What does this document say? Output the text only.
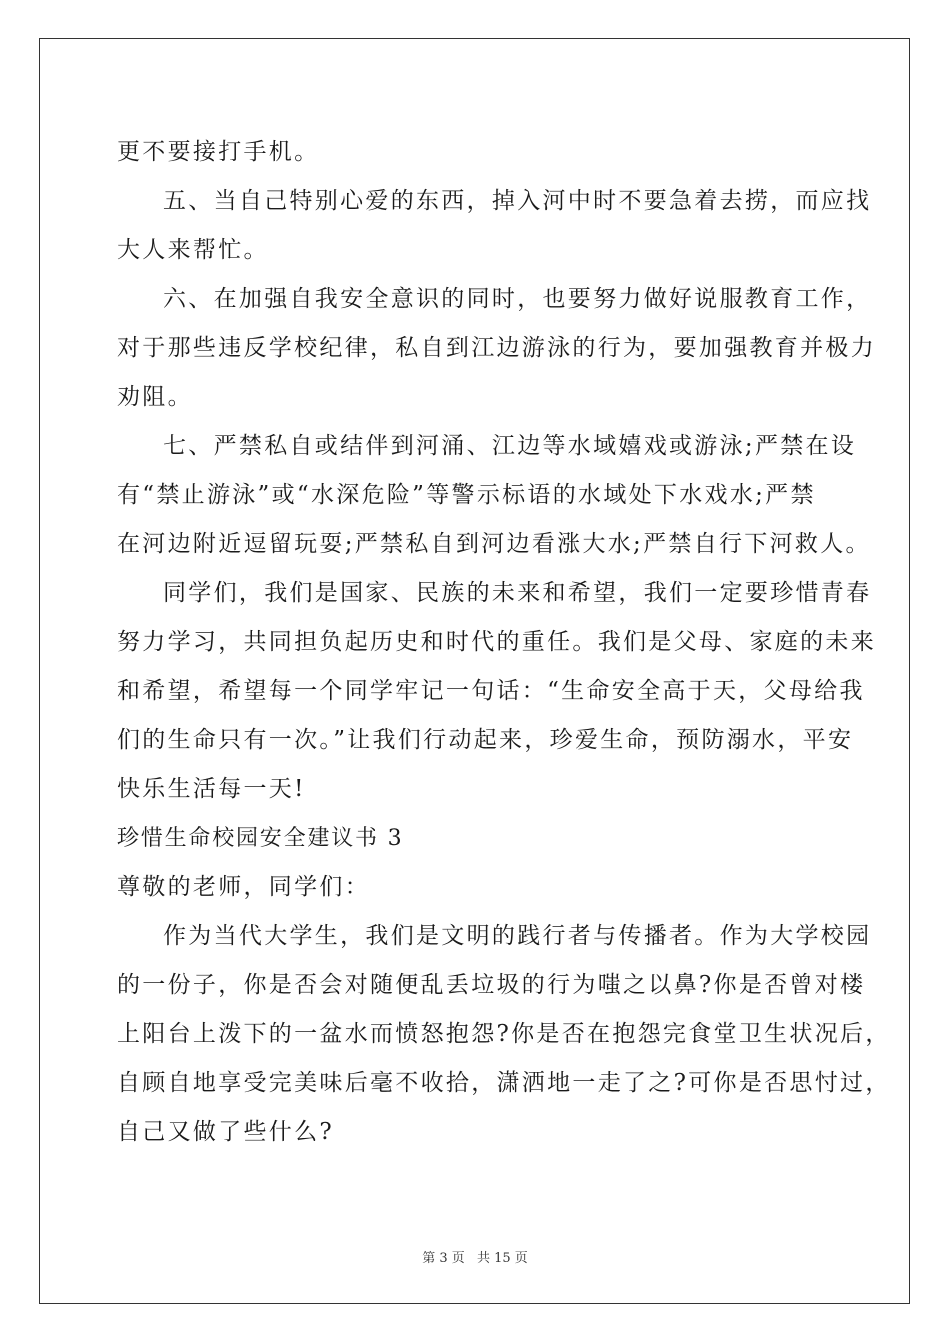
更不要接打手机。
五、当自己特别心爱的东西，掉入河中时不要急着去捞，而应找
大人来帮忙。
六、在加强自我安全意识的同时，也要努力做好说服教育工作，
对于那些违反学校纪律，私自到江边游泳的行为，要加强教育并极力
劝阻。
七、严禁私自或结伴到河涌、江边等水域嬉戏或游泳;严禁在设
有“禁止游泳”或“水深危险”等警示标语的水域处下水戏水;严禁
在河边附近逗留玩耍;严禁私自到河边看涨大水;严禁自行下河救人。
同学们，我们是国家、民族的未来和希望，我们一定要珍惜青春
努力学习，共同担负起历史和时代的重任。我们是父母、家庭的未来
和希望，希望每一个同学牢记一句话：“生命安全高于天，父母给我
们的生命只有一次。”让我们行动起来，珍爱生命，预防溺水，平安
快乐生活每一天!
珍惜生命校园安全建议书 3
尊敬的老师，同学们：
作为当代大学生，我们是文明的践行者与传播者。作为大学校园
的一份子，你是否会对随便乱丢垃圾的行为嗤之以鼻?你是否曾对楼
上阳台上泼下的一盆水而愤怒抱怨?你是否在抱怨完食堂卫生状况后，
自顾自地享受完美味后毫不收拾，潇洒地一走了之?可你是否思忖过，
自己又做了些什么?
第 3 页 共 15 页
